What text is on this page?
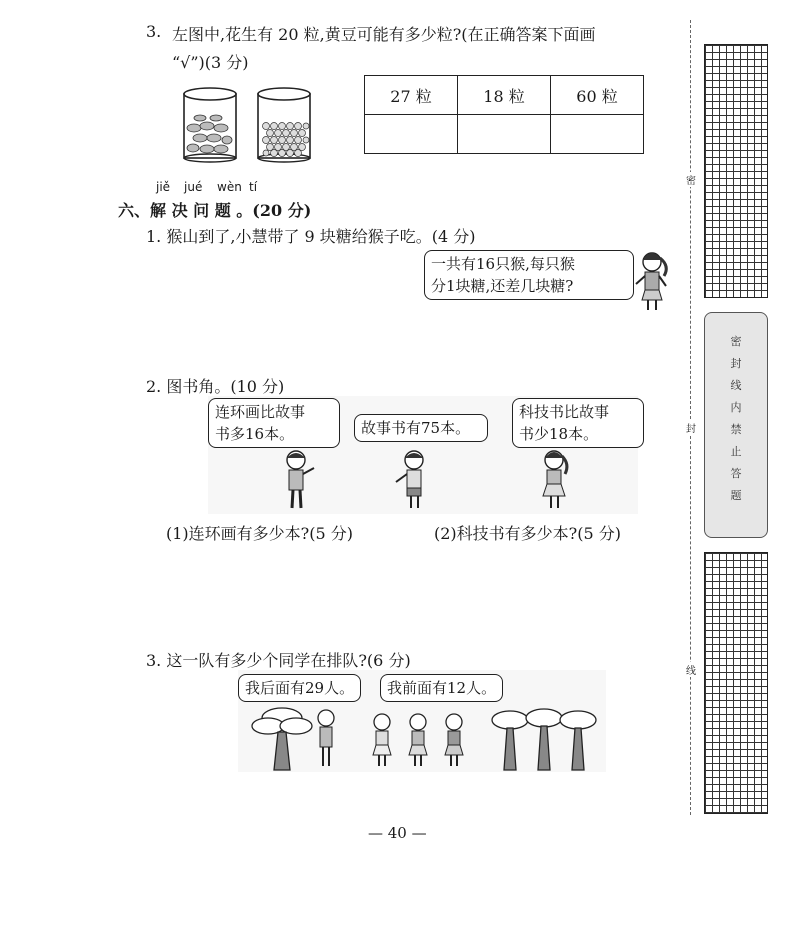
3. 左图中,花生有 20 粒,黄豆可能有多少粒?(在正确答案下面画
“√”)(3 分)
27 粒	18 粒	60 粒

jiě jué wèn tí
六、解 决 问 题 。(20 分)
1. 猴山到了,小慧带了 9 块糖给猴子吃。(4 分)
一共有16只猴,每只猴
分1块糖,还差几块糖?
2. 图书角。(10 分)
连环画比故事
书多16本。	故事书有75本。
科技书比故事
书少18本。
(1)连环画有多少本?(5 分)	(2)科技书有多少本?(5 分)
3. 这一队有多少个同学在排队?(6 分)
我后面有29人。 我前面有12人。
— 40 —
密
封
线
内
禁
止
答
题
密
封
线
